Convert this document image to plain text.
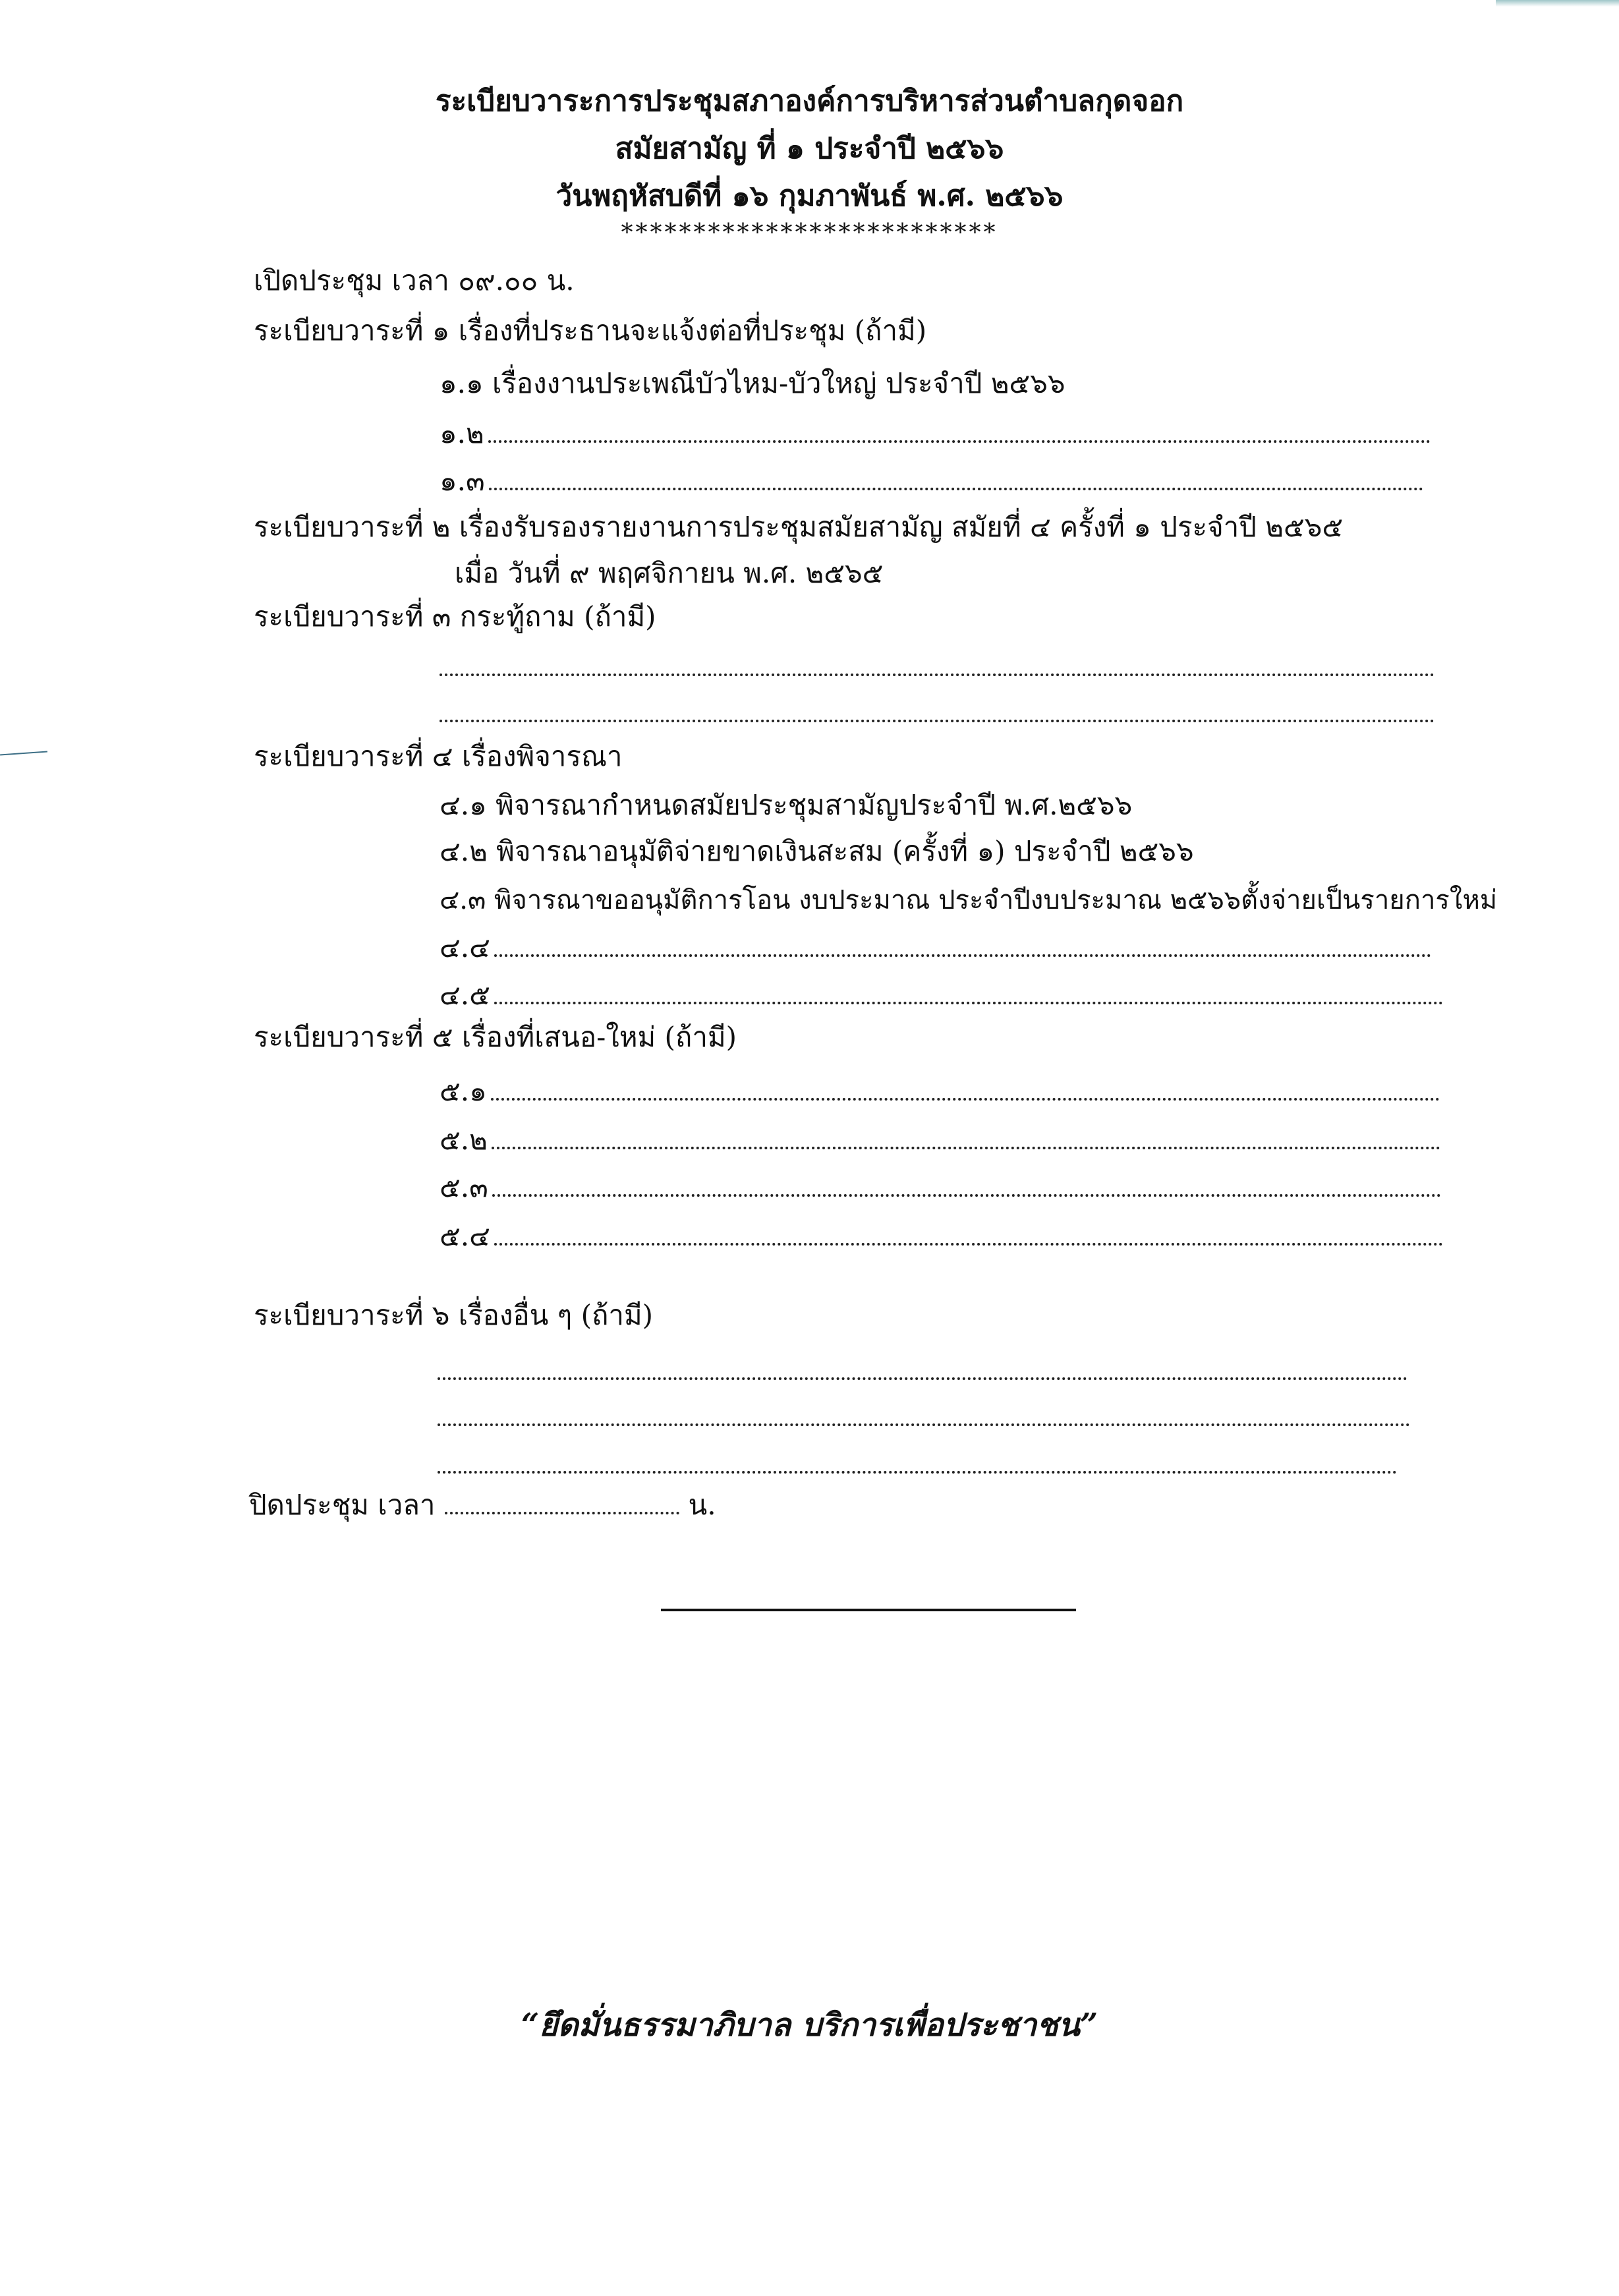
ระเบียบวาระการประชุมสภาองค์การบริหารส่วนตำบลกุดจอก
สมัยสามัญ ที่ ๑ ประจำปี ๒๕๖๖
วันพฤหัสบดีที่ ๑๖ กุมภาพันธ์ พ.ศ. ๒๕๖๖
**************************
เปิดประชุม เวลา ๐๙.๐๐ น.
ระเบียบวาระที่ ๑ เรื่องที่ประธานจะแจ้งต่อที่ประชุม (ถ้ามี)
๑.๑ เรื่องงานประเพณีบัวไหม-บัวใหญ่ ประจำปี ๒๕๖๖
๑.๒
๑.๓
ระเบียบวาระที่ ๒ เรื่องรับรองรายงานการประชุมสมัยสามัญ สมัยที่ ๔ ครั้งที่ ๑ ประจำปี ๒๕๖๕
เมื่อ วันที่ ๙ พฤศจิกายน พ.ศ. ๒๕๖๕
ระเบียบวาระที่ ๓ กระทู้ถาม (ถ้ามี)
ระเบียบวาระที่ ๔ เรื่องพิจารณา
๔.๑ พิจารณากำหนดสมัยประชุมสามัญประจำปี พ.ศ.๒๕๖๖
๔.๒ พิจารณาอนุมัติจ่ายขาดเงินสะสม (ครั้งที่ ๑) ประจำปี ๒๕๖๖
๔.๓ พิจารณาขออนุมัติการโอน งบประมาณ ประจำปีงบประมาณ ๒๕๖๖ตั้งจ่ายเป็นรายการใหม่
๔.๔
๔.๕
ระเบียบวาระที่ ๕ เรื่องที่เสนอ-ใหม่ (ถ้ามี)
๕.๑
๕.๒
๕.๓
๕.๔
ระเบียบวาระที่ ๖ เรื่องอื่น ๆ (ถ้ามี)
ปิดประชุม เวลา	น.
“ยึดมั่นธรรมาภิบาล บริการเพื่อประชาชน”
